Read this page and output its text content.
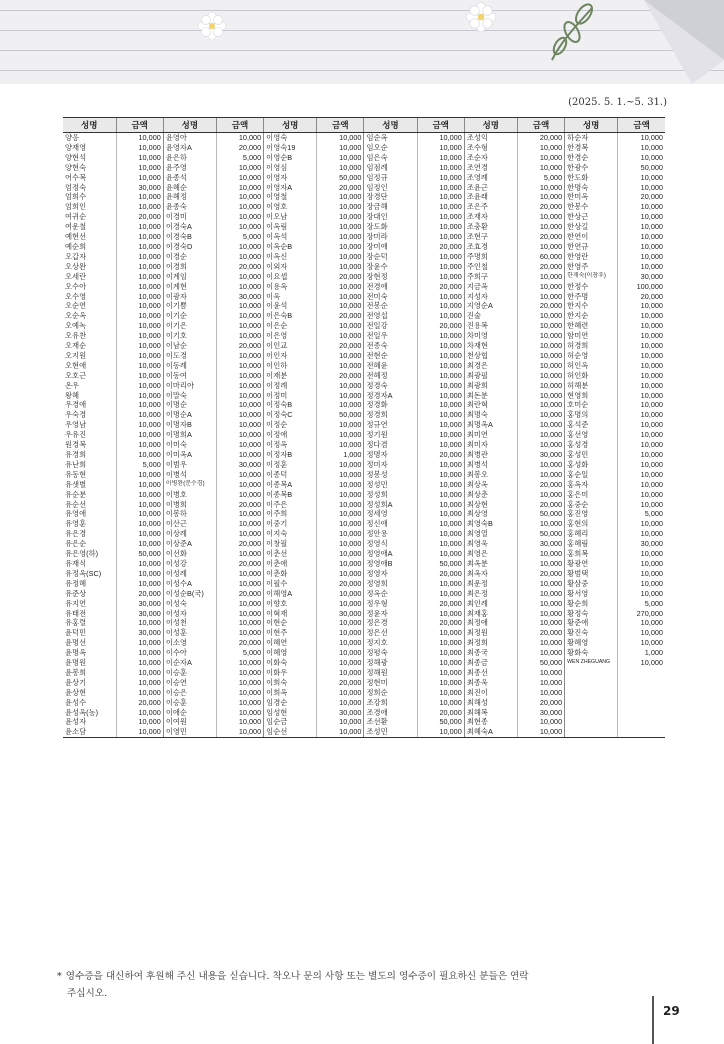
(2025. 5. 1.~5. 31.)
성명	금액	성명	금액	성명	금액	성명	금액	성명	금액	성명	금액
양응	10,000	윤영아	10,000	이영숙	10,000	임순옥	10,000	조성익	20,000	하순자	10,000
양재영	10,000	윤영자A	20,000	이영숙19	10,000	임오순	10,000	조수형	10,000	한경복	10,000
양현석	10,000	윤은하	5,000	이영순B	10,000	임은숙	10,000	조순자	10,000	한경순	10,000
양현숙	10,000	윤주영	10,000	이영심	10,000	임점례	10,000	조연경	10,000	한광수	50,000
어수복	10,000	윤종석	10,000	이영자	50,000	임정규	10,000	조영례	5,000	한도화	10,000
엄정숙	30,000	윤혜순	10,000	이영자A	20,000	임정인	10,000	조윤근	10,000	한명숙	10,000
엄희수	10,000	윤혜정	10,000	이영철	10,000	장경단	10,000	조윤래	10,000	한미옥	20,000
엄희인	10,000	윤종숙	10,000	이영호	10,000	장금해	10,000	조은주	20,000	한봉수	10,000
여귀순	20,000	이경미	10,000	이오남	10,000	장대인	10,000	조재자	10,000	한상근	10,000
여운철	10,000	이경숙A	10,000	이옥림	10,000	장도화	10,000	조충환	10,000	한상길	10,000
예현선	10,000	이경숙B	5,000	이옥석	10,000	장미라	10,000	조현구	20,000	한연이	10,000
예순희	10,000	이경숙D	10,000	이옥순B	10,000	장미애	20,000	조효경	10,000	한연규	10,000
오갑자	10,000	이경순	10,000	이옥신	10,000	장순덕	10,000	주명희	60,000	한영란	10,000
오상완	10,000	이경희	20,000	이외자	10,000	장윤수	10,000	주인철	20,000	한영주	10,000
오세란	10,000	이계임	10,000	이요셉	20,000	장현정	10,000	주희구	10,000	한재숙(이창우)	30,000
오수아	10,000	이계현	10,000	이용옥	10,000	전경애	20,000	지금옥	10,000	한정수	100,000
오수영	10,000	이광자	30,000	이욱	10,000	전미숙	10,000	지성자	10,000	한주명	20,000
오순연	10,000	이기쁨	10,000	이윤석	10,000	전봉순	10,000	지영순A	20,000	한지수	10,000
오순옥	10,000	이기순	10,000	이은숙B	20,000	전영섭	10,000	진술	10,000	한지순	10,000
오예녹	10,000	이기은	10,000	이은순	10,000	전일강	20,000	진용복	10,000	한혜련	10,000
오유찬	10,000	이기호	10,000	이은영	10,000	전일우	10,000	차미영	10,000	함미연	10,000
오재순	10,000	이남순	20,000	이인교	20,000	전종숙	10,000	차재현	10,000	허경희	10,000
오지원	10,000	이도경	10,000	이인자	10,000	전현순	10,000	천상협	10,000	허순영	10,000
오현애	10,000	이동례	10,000	이인하	10,000	전혜윤	10,000	최경은	10,000	허인옥	10,000
오호근	10,000	이동여	10,000	이재분	20,000	전혜정	10,000	최광필	10,000	허인화	10,000
온우	10,000	이마리아	10,000	이정례	10,000	정경숙	10,000	최광희	10,000	허해분	10,000
왕혜	10,000	이말숙	10,000	이정미	10,000	정경자A	10,000	최돈분	10,000	현영희	10,000
우경애	10,000	이명순	10,000	이정숙B	10,000	정경화	10,000	최란혁	10,000	호미순	10,000
우숙경	10,000	이명순A	10,000	이정숙C	50,000	정경희	10,000	최명숙	10,000	홍명의	10,000
우영남	10,000	이명자B	10,000	이정순	10,000	정규연	10,000	최명옥A	10,000	홍석준	10,000
우유진	10,000	이명희A	10,000	이정애	10,000	정기원	10,000	최미연	10,000	홍선영	10,000
원경복	10,000	이미숙	10,000	이정옥	10,000	정다겸	10,000	최미자	10,000	홍성경	10,000
유경희	10,000	이미옥A	10,000	이정자B	1,000	정명자	20,000	최병관	30,000	홍성민	10,000
유난희	5,000	이범우	30,000	이정훈	10,000	정미자	10,000	최병석	10,000	홍성화	10,000
유동현	10,000	이병석	10,000	이종덕	10,000	정봉성	10,000	최봉오	10,000	홍순일	10,000
유샛별	10,000	이병완(문수경)	10,000	이종복A	10,000	정성민	10,000	최상옥	20,000	홍옥자	10,000
유순분	10,000	이병호	10,000	이종복B	10,000	정성희	10,000	최상춘	10,000	홍은미	10,000
유순선	10,000	이병희	20,000	이주은	10,000	정성희A	10,000	최상현	20,000	홍중순	10,000
유영애	10,000	이봉하	10,000	이주희	10,000	정세영	10,000	최상영	50,000	홍진영	5,000
유영훈	10,000	이산근	10,000	이중기	10,000	정신애	10,000	최영숙B	10,000	홍현의	10,000
유은경	10,000	이상례	10,000	이지숙	10,000	정안용	10,000	최영열	50,000	홍혜리	10,000
유은순	10,000	이상준A	20,000	이창필	10,000	정영식	10,000	최영욱	30,000	홍혜림	30,000
유은영(하)	50,000	이선화	10,000	이춘선	10,000	정영애A	10,000	최영은	10,000	홍희복	10,000
유재식	10,000	이성강	20,000	이춘애	10,000	정영애B	50,000	최옥분	10,000	황광연	10,000
유정옥(SC)	10,000	이성례	10,000	이춘화	10,000	정영자	20,000	최옥자	20,000	황범택	10,000
유정혜	10,000	이성수A	10,000	이필수	20,000	정영희	10,000	최운정	10,000	황삼중	10,000
유준상	20,000	이성순B(국)	20,000	이해영A	10,000	정옥순	10,000	최은정	10,000	황서영	10,000
유지연	30,000	이성숙	10,000	이향호	10,000	정우형	20,000	최인례	10,000	황순희	5,000
유태전	30,000	이성자	10,000	이혁재	30,000	정윤자	10,000	최재홍	10,000	황정숙	270,000
유홍렬	10,000	이성천	10,000	이현순	10,000	정은경	20,000	최정애	10,000	황준애	10,000
윤덕민	30,000	이성훈	10,000	이현주	10,000	정은선	10,000	최정원	20,000	황진숙	10,000
윤명선	10,000	이소영	20,000	이혜연	10,000	정지호	10,000	최정희	10,000	황혜영	10,000
윤명옥	10,000	이수아	5,000	이혜영	10,000	정평숙	10,000	최종국	10,000	황화숙	1,000
윤명원	10,000	이순자A	10,000	이화숙	10,000	정해광	10,000	최종금	50,000	WEN ZHEGUANG	10,000
윤봉희	10,000	이승훈	10,000	이화우	10,000	정해원	10,000	최종선	10,000		
윤상기	10,000	이승연	10,000	이희숙	20,000	정현미	10,000	최종욱	10,000		
윤상현	10,000	이승은	10,000	이희옥	10,000	정희순	10,000	최진이	10,000		
윤성수	20,000	이승훈	10,000	임경순	10,000	조강희	10,000	최해성	20,000		
윤성옥(농)	10,000	이애순	10,000	임성현	30,000	조경애	20,000	최해복	30,000		
윤성자	10,000	이여원	10,000	임순금	10,000	조선환	50,000	최현종	10,000		
윤소담	10,000	이영민	10,000	임순선	10,000	조성민	10,000	최혜숙A	10,000		
* 영수증을 대신하여 후원해 주신 내용을 싣습니다. 착오나 문의 사항 또는 별도의 영수증이 필요하신 분들은 연락
주십시오.
29
